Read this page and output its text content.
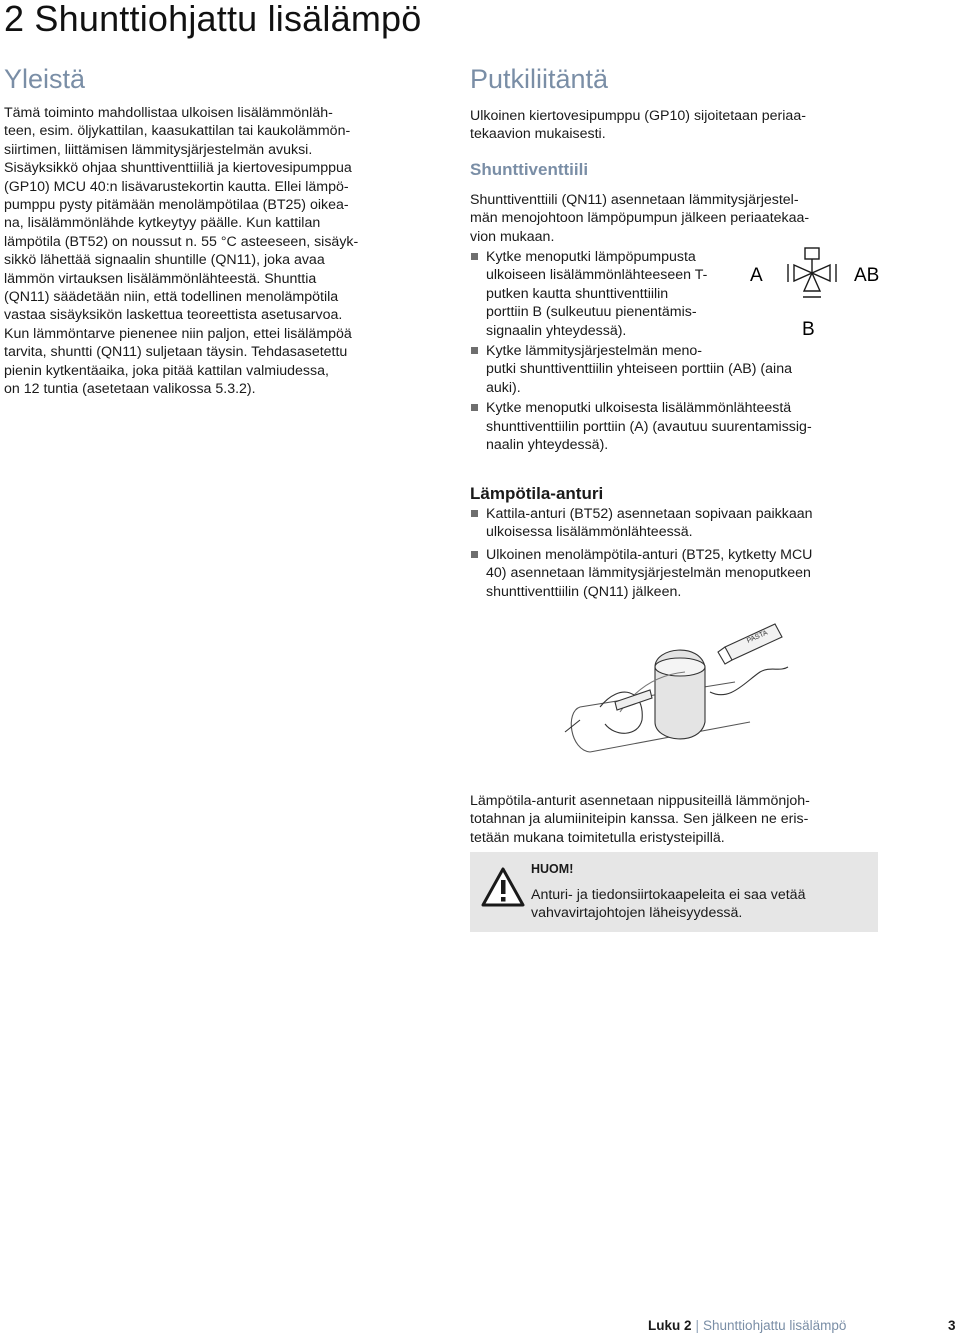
2 Shunttiohjattu lisälämpö
Yleistä
Tämä toiminto mahdollistaa ulkoisen lisälämmönläh-
teen, esim. öljykattilan, kaasukattilan tai kaukolämmön-
siirtimen, liittämisen lämmitysjärjestelmän avuksi.
Sisäyksikkö ohjaa shunttiventtiiliä ja kiertovesipumppua
(GP10) MCU 40:n lisävarustekortin kautta. Ellei lämpö-
pumppu pysty pitämään menolämpötilaa (BT25) oikea-
na, lisälämmönlähde kytkeytyy päälle. Kun kattilan
lämpötila (BT52) on noussut n. 55 °C asteeseen, sisäyk-
sikkö lähettää signaalin shuntille (QN11), joka avaa
lämmön virtauksen lisälämmönlähteestä. Shunttia
(QN11) säädetään niin, että todellinen menolämpötila
vastaa sisäyksikön laskettua teoreettista asetusarvoa.
Kun lämmöntarve pienenee niin paljon, ettei lisälämpöä
tarvita, shuntti (QN11) suljetaan täysin. Tehdasasetettu
pienin kytkentäaika, joka pitää kattilan valmiudessa,
on 12 tuntia (asetetaan valikossa 5.3.2).
Putkiliitäntä
Ulkoinen kiertovesipumppu (GP10) sijoitetaan periaa-
tekaavion mukaisesti.
Shunttiventtiili
Shunttiventtiili (QN11) asennetaan lämmitysjärjestel-
män menojohtoon lämpöpumpun jälkeen periaatekaa-
vion mukaan.
Kytke menoputki lämpöpumpusta
ulkoiseen lisälämmönlähteeseen T-
putken kautta shunttiventtiilin
porttiin B (sulkeutuu pienentämis-
signaalin yhteydessä).
Kytke lämmitysjärjestelmän meno-
putki shunttiventtiilin yhteiseen porttiin (AB) (aina
auki).
Kytke menoputki ulkoisesta lisälämmönlähteestä
shunttiventtiilin porttiin (A) (avautuu suurentamissig-
naalin yhteydessä).
A	AB
B
Lämpötila-anturi
Kattila-anturi (BT52) asennetaan sopivaan paikkaan
ulkoisessa lisälämmönlähteessä.
Ulkoinen menolämpötila-anturi (BT25, kytketty MCU
40) asennetaan lämmitysjärjestelmän menoputkeen
shunttiventtiilin (QN11) jälkeen.
PASTA
Lämpötila-anturit asennetaan nippusiteillä lämmönjoh-
totahnan ja alumiiniteipin kanssa. Sen jälkeen ne eris-
tetään mukana toimitetulla eristysteipillä.
HUOM!
Anturi- ja tiedonsiirtokaapeleita ei saa vetää
vahvavirtajohtojen läheisyydessä.
Luku 2 | Shunttiohjattu lisälämpö	3
